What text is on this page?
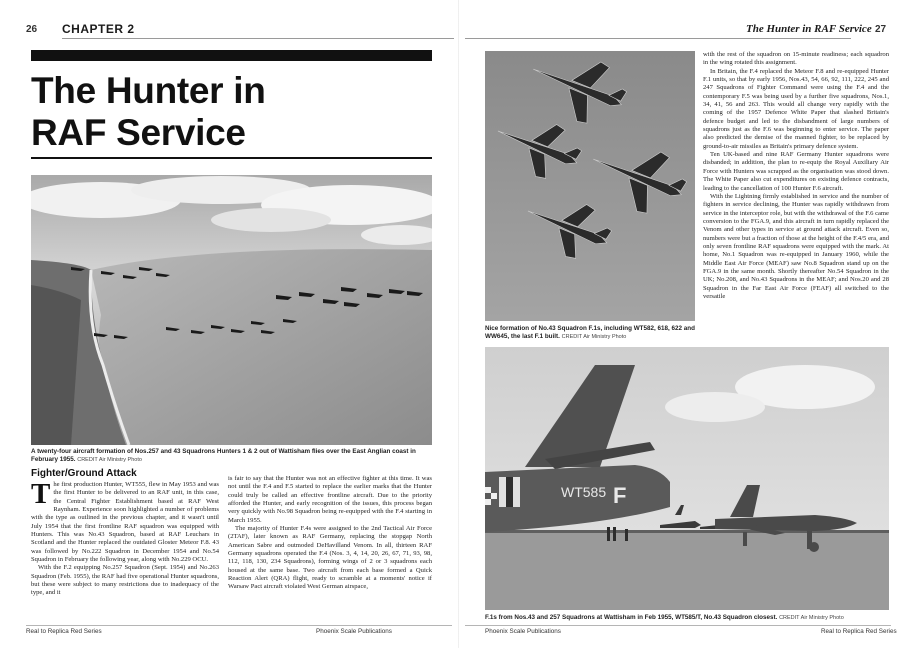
26 CHAPTER 2
The Hunter in
RAF Service
A twenty-four aircraft formation of Nos.257 and 43 Squadrons Hunters 1 & 2 out of Wattisham flies over the East Anglian coast in February 1955. CREDIT Air Ministry Photo
Fighter/Ground Attack

The first production Hunter, WT555, flew in May 1953 and was the first Hunter to be delivered to an RAF unit, in this case, the Central Fighter Establishment based at RAF West Raynham. Experience soon highlighted a number of problems with the type as outlined in the previous chapter, and it wasn't until July 1954 that the first frontline RAF squadron was equipped with Hunters. This was No.43 Squadron, based at RAF Leuchars in Scotland and the Hunter replaced the outdated Gloster Meteor F.8. 43 was followed by No.222 Squadron in December 1954 and No.54 Squadron in February the following year, along with No.229 OCU.

With the F.2 equipping No.257 Squadron (Sept. 1954) and No.263 Squadron (Feb. 1955), the RAF had five operational Hunter squadrons, but these were subject to many restrictions due to inadequacy of the type, and it

is fair to say that the Hunter was not an effective fighter at this time. It was not until the F.4 and F.5 started to replace the earlier marks that the Hunter could truly be called an effective frontline aircraft. Due to the priority afforded the Hunter, and early recognition of the issues, this process began very quickly with No.98 Squadron being re-equipped with the F.4 starting in March 1955.

The majority of Hunter F.4s were assigned to the 2nd Tactical Air Force (2TAF), later known as RAF Germany, replacing the stopgap North American Sabre and outmoded DeHavilland Venom. In all, thirteen RAF Germany squadrons operated the F.4 (Nos. 3, 4, 14, 20, 26, 67, 71, 93, 98, 112, 118, 130, 234 Squadrons), forming wings of 2 or 3 squadrons each housed at the same base. Two aircraft from each base formed a Quick Reaction Alert (QRA) flight, ready to scramble at a moments' notice if Warsaw Pact aircraft violated West German airspace,

Real to Replica Red Series	Phoenix Scale Publications
The Hunter in RAF Service 27
Nice formation of No.43 Squadron F.1s, including WT582, 618, 622 and WW645, the last F.1 built. CREDIT Air Ministry Photo

with the rest of the squadron on 15-minute readiness; each squadron in the wing rotated this assignment.

In Britain, the F.4 replaced the Meteor F.8 and re-equipped Hunter F.1 units, so that by early 1956, Nos.43, 54, 66, 92, 111, 222, 245 and 247 Squadrons of Fighter Command were using the F.4 and the contemporary F.5 was being used by a further five squadrons, Nos.1, 34, 41, 56 and 263. This would all change very rapidly with the coming of the 1957 Defence White Paper that slashed Britain's defence budget and led to the disbandment of large numbers of squadrons just as the F.6 was beginning to enter service. The paper also predicted the demise of the manned fighter, to be replaced by ground-to-air missiles as Britain's primary defence system.

Ten UK-based and nine RAF Germany Hunter squadrons were disbanded; in addition, the plan to re-equip the Royal Auxiliary Air Force with Hunters was scrapped as the organisation was stood down. The White Paper also cut expenditures on existing defence contracts, leading to the cancellation of 100 Hunter F.6 aircraft.

With the Lightning firmly established in service and the number of fighters in service declining, the Hunter was rapidly withdrawn from service in the interceptor role, but with the withdrawal of the F.6 came conversion to the FGA.9, and this aircraft in turn rapidly replaced the Venom and other types in service at ground attack aircraft. Even so, numbers were but a fraction of those at the height of the F.4/5 era, and only seven frontline RAF squadrons were equipped with the mark. At home, No.1 Squadron was re-equipped in January 1960, while the Middle East Air Force (MEAF) saw No.8 Squadron stand up on the FGA.9 in the same month. Shortly thereafter No.54 Squadron in the UK; No.208, and No.43 Squadrons in the MEAF; and Nos.20 and 28 Squadron in the Far East Air Force (FEAF) all switched to the versatile

WT585 F
F.1s from Nos.43 and 257 Squadrons at Wattisham in Feb 1955, WT585/T, No.43 Squadron closest. CREDIT Air Ministry Photo
Phoenix Scale Publications	Real to Replica Red Series
